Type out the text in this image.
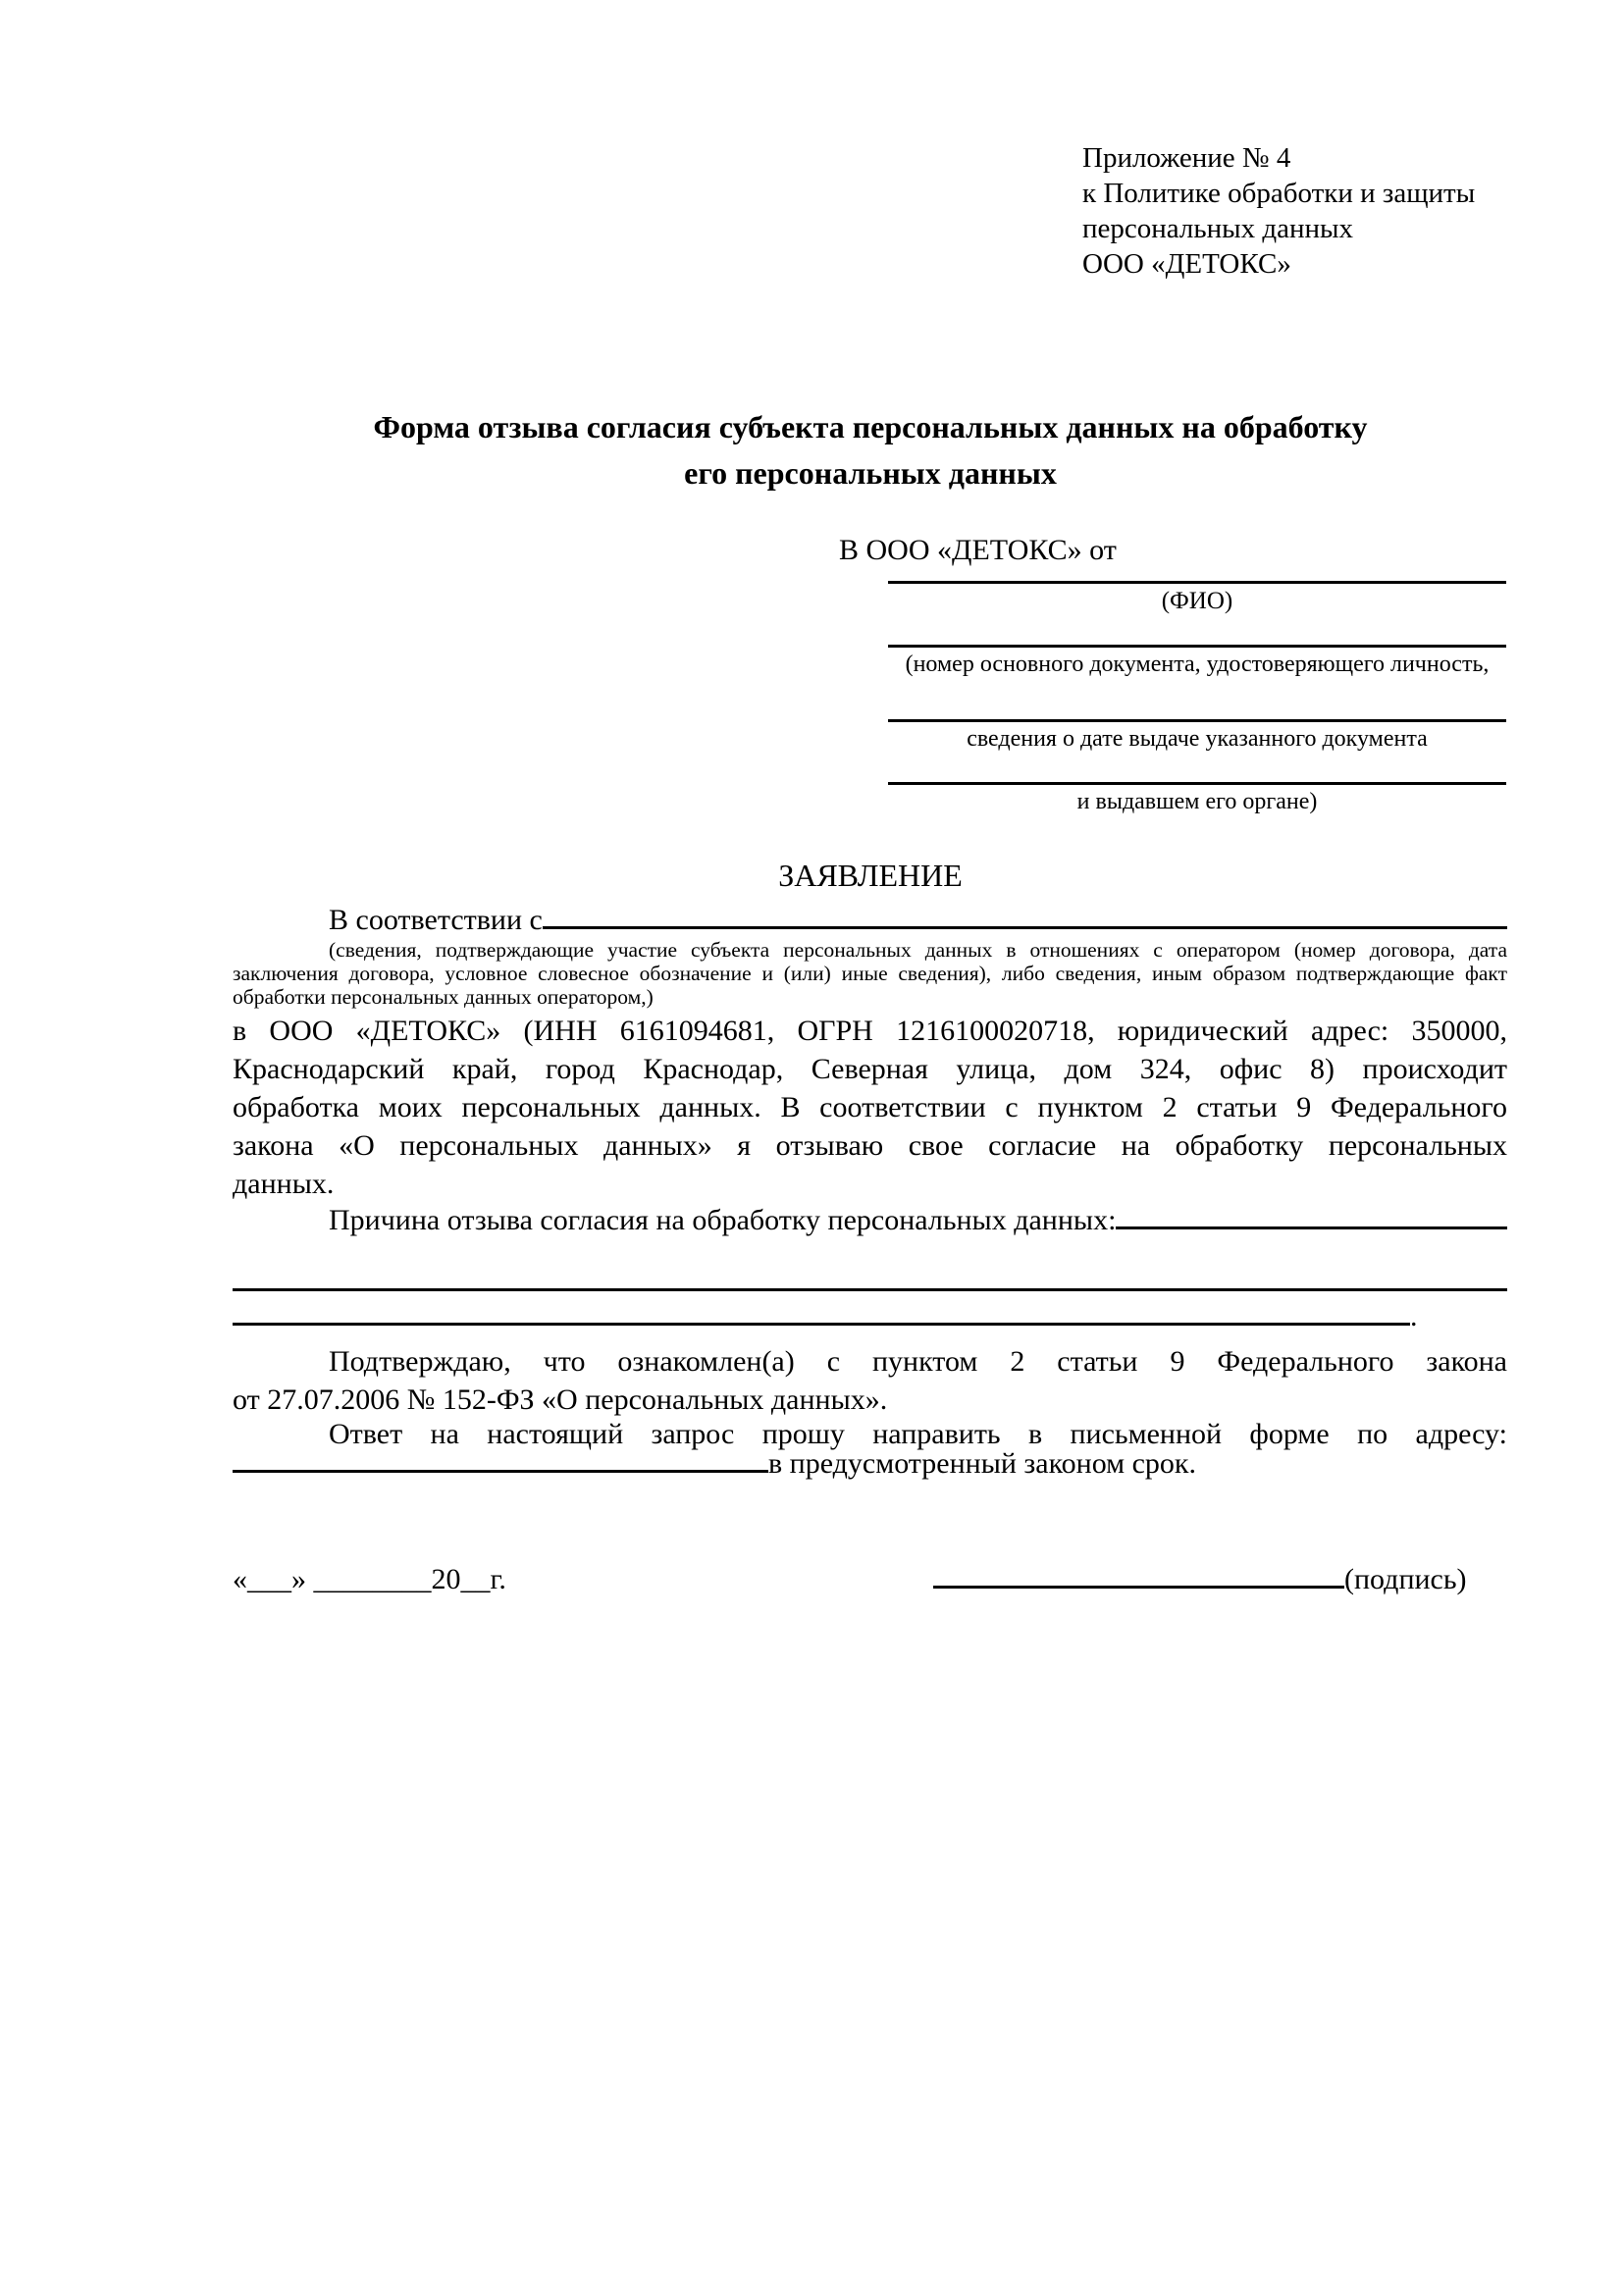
Приложение № 4
к Политике обработки и защиты
персональных данных
ООО «ДЕТОКС»
Форма отзыва согласия субъекта персональных данных на обработку
его персональных данных
В ООО «ДЕТОКС» от
(ФИО)
(номер основного документа, удостоверяющего личность,
сведения о дате выдаче указанного документа
и выдавшем его органе)
ЗАЯВЛЕНИЕ
В соответствии с
(сведения, подтверждающие участие субъекта персональных данных в отношениях с оператором (номер договора, дата
заключения договора, условное словесное обозначение и (или) иные сведения), либо сведения, иным образом подтверждающие факт
обработки персональных данных оператором,)
в ООО «ДЕТОКС» (ИНН 6161094681, ОГРН 1216100020718, юридический адрес: 350000,
Краснодарский край, город Краснодар, Северная улица, дом 324, офис 8) происходит
обработка моих персональных данных. В соответствии с пунктом 2 статьи 9 Федерального
закона «О персональных данных» я отзываю свое согласие на обработку персональных
данных.
Причина отзыва согласия на обработку персональных данных:
.
Подтверждаю, что ознакомлен(а) с пунктом 2 статьи 9 Федерального закона
от 27.07.2006 № 152-ФЗ «О персональных данных».
Ответ на настоящий запрос прошу направить в письменной форме по адресу:
в предусмотренный законом срок.
«___» ________20__г.	(подпись)
